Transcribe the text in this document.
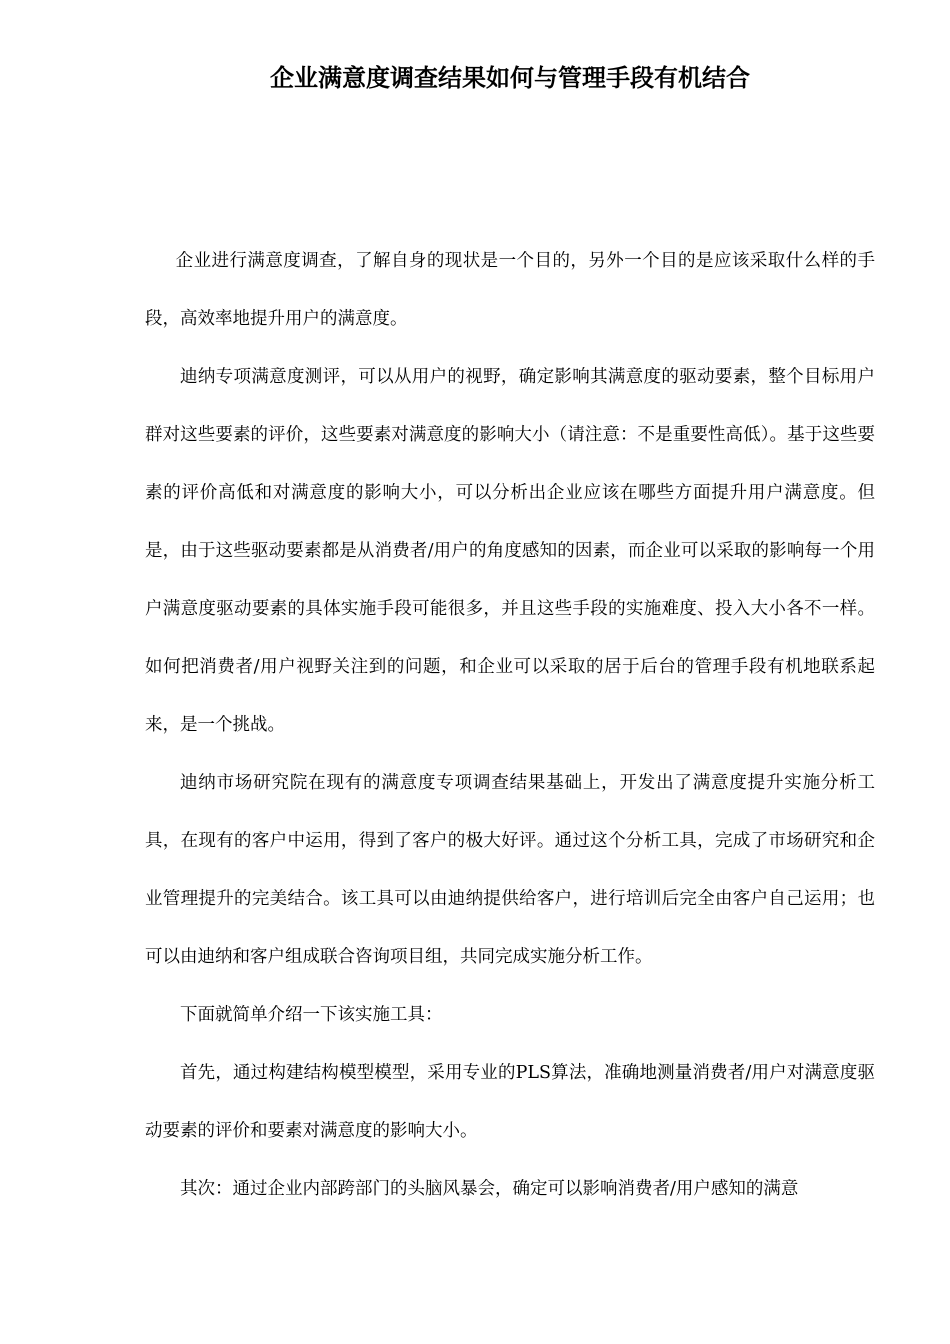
企业满意度调查结果如何与管理手段有机结合

企业进行满意度调查，了解自身的现状是一个目的，另外一个目的是应该采取什么样的手段，高效率地提升用户的满意度。

迪纳专项满意度测评，可以从用户的视野，确定影响其满意度的驱动要素，整个目标用户群对这些要素的评价，这些要素对满意度的影响大小（请注意：不是重要性高低）。基于这些要素的评价高低和对满意度的影响大小，可以分析出企业应该在哪些方面提升用户满意度。但是，由于这些驱动要素都是从消费者/用户的角度感知的因素，而企业可以采取的影响每一个用户满意度驱动要素的具体实施手段可能很多，并且这些手段的实施难度、投入大小各不一样。如何把消费者/用户视野关注到的问题，和企业可以采取的居于后台的管理手段有机地联系起来，是一个挑战。

迪纳市场研究院在现有的满意度专项调查结果基础上，开发出了满意度提升实施分析工具，在现有的客户中运用，得到了客户的极大好评。通过这个分析工具，完成了市场研究和企业管理提升的完美结合。该工具可以由迪纳提供给客户，进行培训后完全由客户自己运用；也可以由迪纳和客户组成联合咨询项目组，共同完成实施分析工作。

下面就简单介绍一下该实施工具：

首先，通过构建结构模型模型，采用专业的PLS算法，准确地测量消费者/用户对满意度驱动要素的评价和要素对满意度的影响大小。

其次：通过企业内部跨部门的头脑风暴会，确定可以影响消费者/用户感知的满意
